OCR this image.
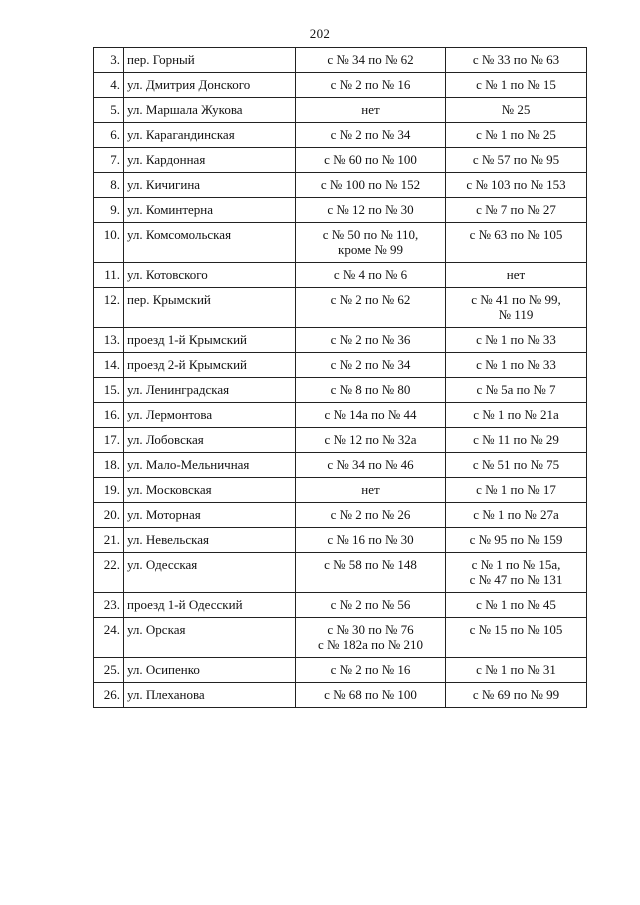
202
3.	пер. Горный	с № 34 по № 62	с № 33 по № 63

4.	ул. Дмитрия Донского	с № 2 по № 16	с № 1 по № 15

5.	ул. Маршала Жукова	нет	№ 25

6.	ул. Карагандинская	с № 2 по № 34	с № 1 по № 25

7.	ул. Кардонная	с № 60 по № 100	с № 57 по № 95

8.	ул. Кичигина	с № 100 по № 152	с № 103 по № 153

9.	ул. Коминтерна	с № 12 по № 30	с № 7 по № 27

10.	ул. Комсомольская	с № 50 по № 110,
кроме № 99	с № 63 по № 105

11.	ул. Котовского	с № 4 по № 6	нет

12.	пер. Крымский	с № 2 по № 62	с № 41 по № 99,
№ 119

13.	проезд 1-й Крымский	с № 2 по № 36	с № 1 по № 33

14.	проезд 2-й Крымский	с № 2 по № 34	с № 1 по № 33

15.	ул. Ленинградская	с № 8 по № 80	с № 5а по № 7

16.	ул. Лермонтова	с № 14а по № 44	с № 1 по № 21а

17.	ул. Лобовская	с № 12 по № 32а	с № 11 по № 29

18.	ул. Мало-Мельничная	с № 34 по № 46	с № 51 по № 75

19.	ул. Московская	нет	с № 1 по № 17

20.	ул. Моторная	с № 2 по № 26	с № 1 по № 27а

21.	ул. Невельская	с № 16 по № 30	с № 95 по № 159

22.	ул. Одесская	с № 58 по № 148	с № 1 по № 15а,
с № 47 по № 131

23.	проезд 1-й Одесский	с № 2 по № 56	с № 1 по № 45

24.	ул. Орская	с № 30 по № 76
с № 182а по № 210	с № 15 по № 105

25.	ул. Осипенко	с № 2 по № 16	с № 1 по № 31

26.	ул. Плеханова	с № 68 по № 100	с № 69 по № 99
